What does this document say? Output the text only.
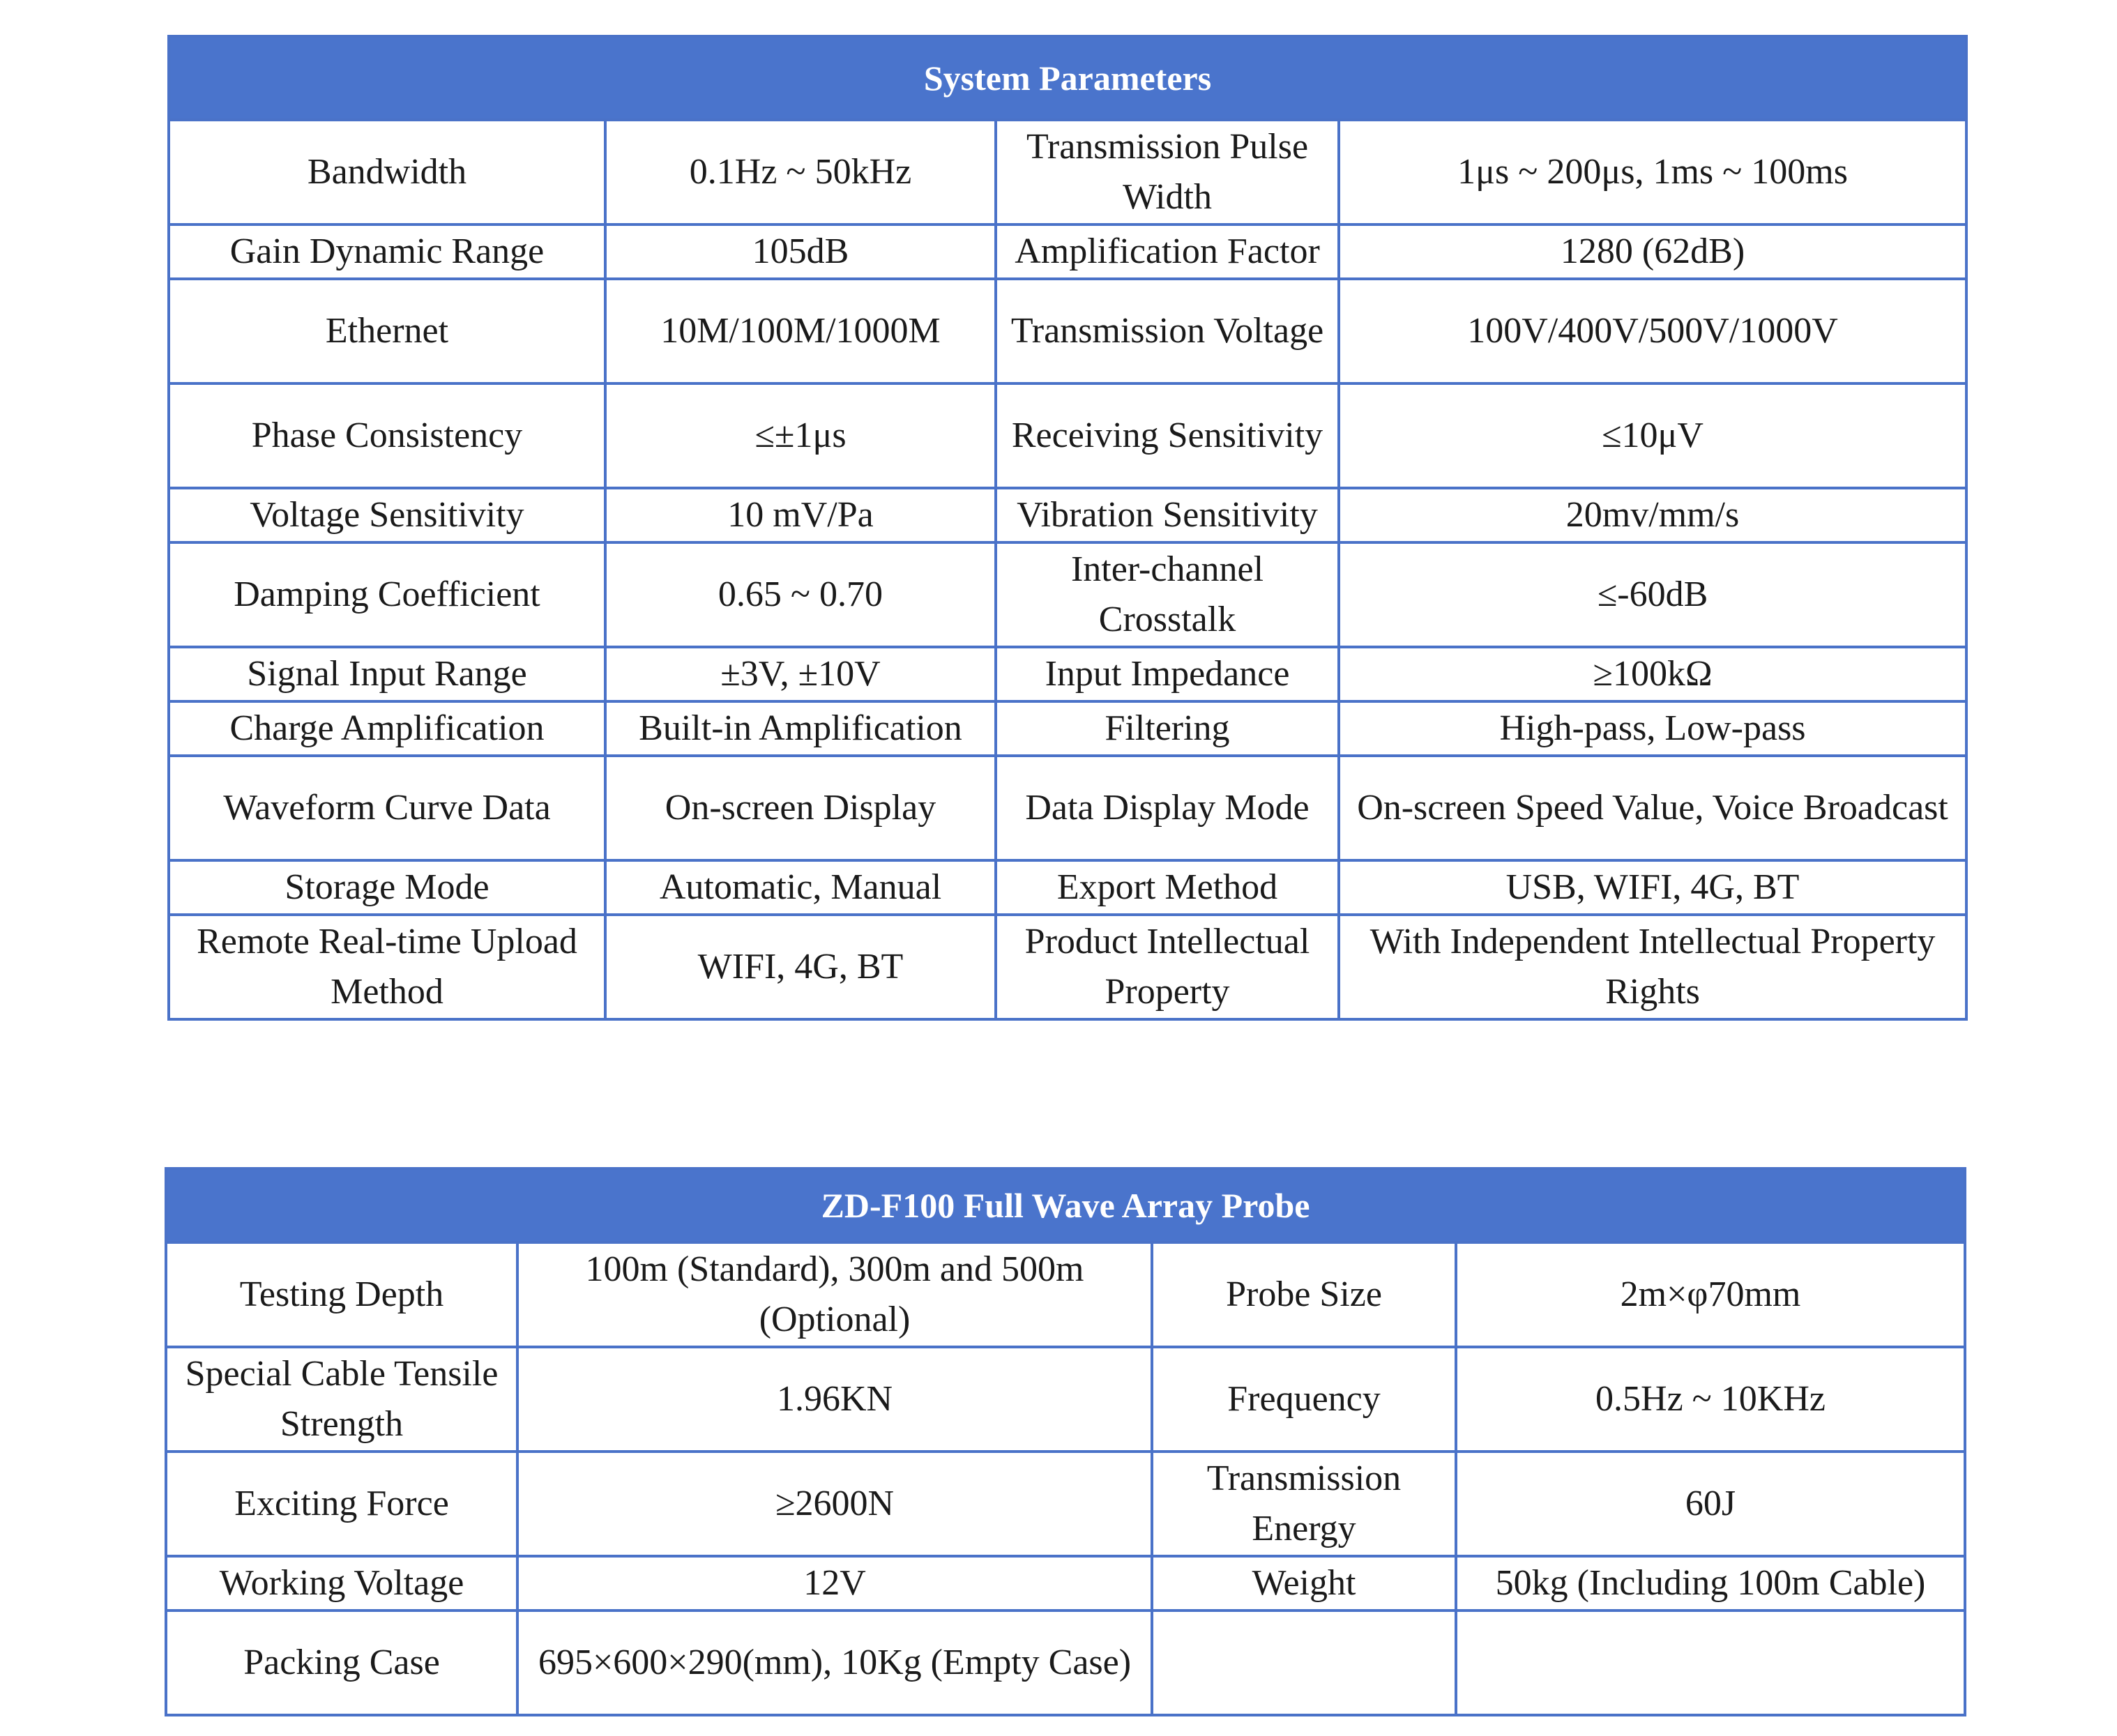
System Parameters			
Bandwidth	0.1Hz ~ 50kHz	Transmission Pulse Width	1μs ~ 200μs, 1ms ~ 100ms
Gain Dynamic Range	105dB	Amplification Factor	1280 (62dB)
Ethernet	10M/100M/1000M	Transmission Voltage	100V/400V/500V/1000V
Phase Consistency	≤±1μs	Receiving Sensitivity	≤10μV
Voltage Sensitivity	10 mV/Pa	Vibration Sensitivity	20mv/mm/s
Damping Coefficient	0.65 ~ 0.70	Inter-channel Crosstalk	≤-60dB
Signal Input Range	±3V, ±10V	Input Impedance	≥100kΩ
Charge Amplification	Built-in Amplification	Filtering	High-pass, Low-pass
Waveform Curve Data	On-screen Display	Data Display Mode	On-screen Speed Value, Voice Broadcast
Storage Mode	Automatic, Manual	Export Method	USB, WIFI, 4G, BT
Remote Real-time Upload Method	WIFI, 4G, BT	Product Intellectual Property	With Independent Intellectual Property Rights
ZD-F100 Full Wave Array Probe			
Testing Depth	100m (Standard), 300m and 500m (Optional)	Probe Size	2m×φ70mm
Special Cable Tensile Strength	1.96KN	Frequency	0.5Hz ~ 10KHz
Exciting Force	≥2600N	Transmission Energy	60J
Working Voltage	12V	Weight	50kg (Including 100m Cable)
Packing Case	695×600×290(mm), 10Kg (Empty Case)		
